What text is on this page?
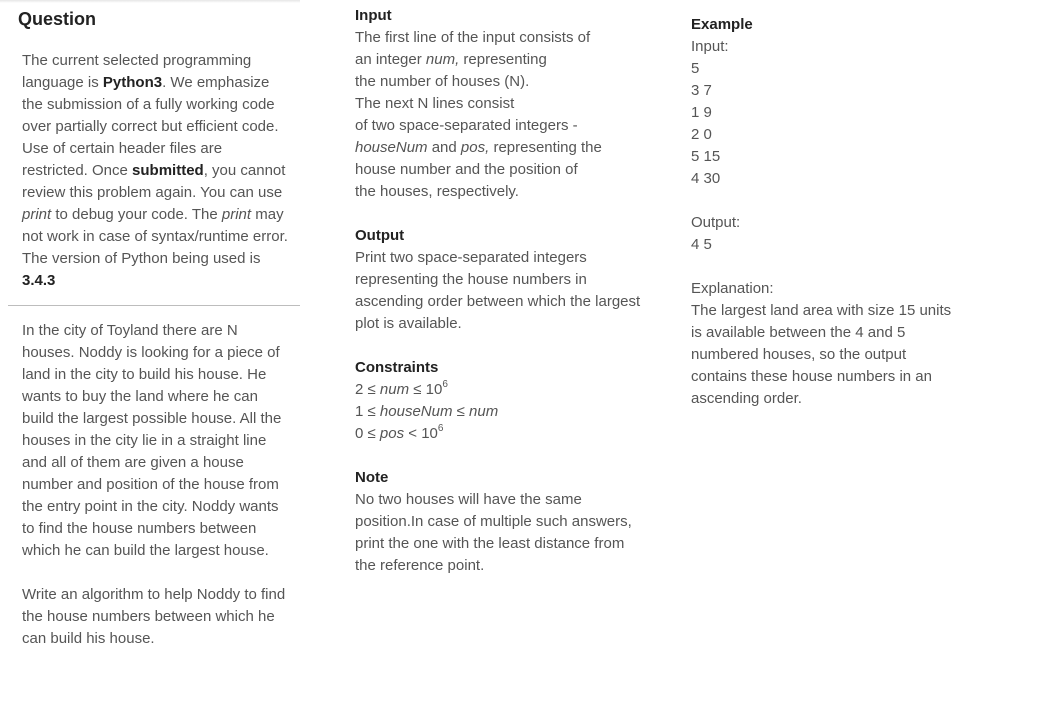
Question

The current selected programming language is Python3. We emphasize the submission of a fully working code over partially correct but efficient code. Use of certain header files are restricted. Once submitted, you cannot review this problem again. You can use print to debug your code. The print may not work in case of syntax/runtime error. The version of Python being used is 3.4.3

In the city of Toyland there are N houses. Noddy is looking for a piece of land in the city to build his house. He wants to buy the land where he can build the largest possible house. All the houses in the city lie in a straight line and all of them are given a house number and position of the house from the entry point in the city. Noddy wants to find the house numbers between which he can build the largest house.

Write an algorithm to help Noddy to find the house numbers between which he can build his house.

Input
The first line of the input consists of
an integer num, representing
the number of houses (N).
The next N lines consist
of two space-separated integers -
houseNum and pos, representing the
house number and the position of
the houses, respectively.
Output

Print two space-separated integers representing the house numbers in ascending order between which the largest plot is available.

Constraints
2 ≤ num ≤ $10^6$
1 ≤ houseNum ≤ num
0 ≤ pos < $10^6$
Note

No two houses will have the same position.In case of multiple such answers, print the one with the least distance from the reference point.

Example
Input:
5
3 7
1 9
2 0
5 15
4 30
Output:
4 5
Explanation:

The largest land area with size 15 units is available between the 4 and 5 numbered houses, so the output contains these house numbers in an ascending order.
